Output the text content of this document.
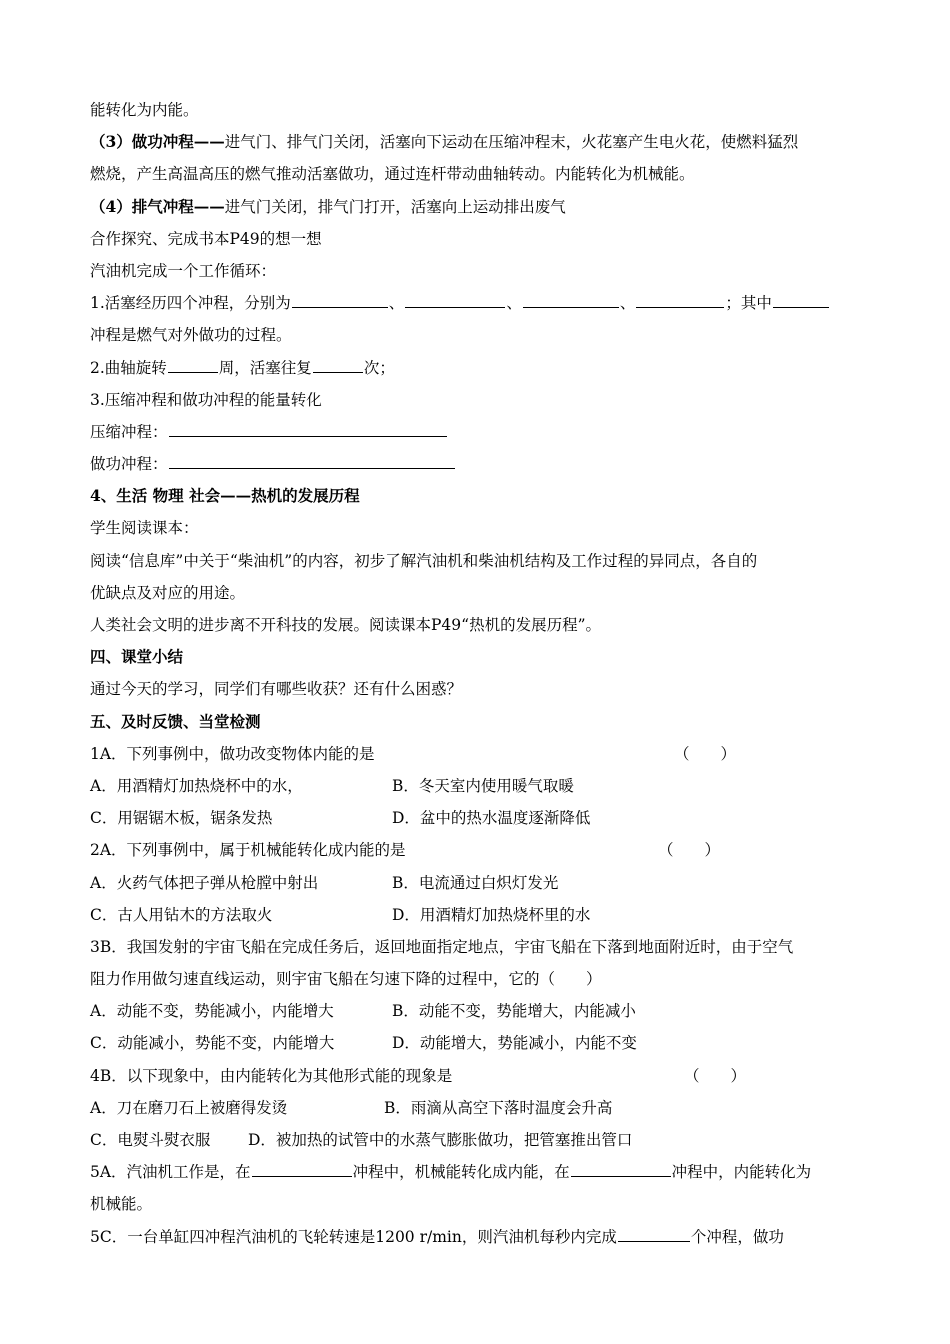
能转化为内能。
（3）做功冲程——进气门、排气门关闭，活塞向下运动在压缩冲程末，火花塞产生电火花，使燃料猛烈
燃烧，产生高温高压的燃气推动活塞做功，通过连杆带动曲轴转动。内能转化为机械能。
（4）排气冲程——进气门关闭，排气门打开，活塞向上运动排出废气
合作探究、完成书本P49的想一想
汽油机完成一个工作循环：
1.活塞经历四个冲程，分别为	、	、	、	；其中
冲程是燃气对外做功的过程。
2.曲轴旋转	周，活塞往复	次；
3.压缩冲程和做功冲程的能量转化
压缩冲程：
做功冲程：
4、生活 物理 社会——热机的发展历程
学生阅读课本：
阅读“信息库”中关于“柴油机”的内容，初步了解汽油机和柴油机结构及工作过程的异同点，各自的
优缺点及对应的用途。
人类社会文明的进步离不开科技的发展。阅读课本P49“热机的发展历程”。
四、课堂小结
通过今天的学习，同学们有哪些收获？还有什么困惑？
五、及时反馈、当堂检测
1A．下列事例中，做功改变物体内能的是	（　　）
A．用酒精灯加热烧杯中的水，	B．冬天室内使用暖气取暖
C．用锯锯木板，锯条发热	D．盆中的热水温度逐渐降低
2A．下列事例中，属于机械能转化成内能的是	（　　）
A．火药气体把子弹从枪膛中射出	B．电流通过白炽灯发光
C．古人用钻木的方法取火	D．用酒精灯加热烧杯里的水
3B．我国发射的宇宙飞船在完成任务后，返回地面指定地点，宇宙飞船在下落到地面附近时，由于空气
阻力作用做匀速直线运动，则宇宙飞船在匀速下降的过程中，它的（　　）
A．动能不变，势能减小，内能增大	B．动能不变，势能增大，内能减小
C．动能减小，势能不变，内能增大	D．动能增大，势能减小，内能不变
4B．以下现象中，由内能转化为其他形式能的现象是	（　　）
A．刀在磨刀石上被磨得发烫	B．雨滴从高空下落时温度会升高
C．电熨斗熨衣服 D．被加热的试管中的水蒸气膨胀做功，把管塞推出管口
5A．汽油机工作是，在	冲程中，机械能转化成内能，在	冲程中，内能转化为
机械能。
5C．一台单缸四冲程汽油机的飞轮转速是1200 r/min，则汽油机每秒内完成	个冲程，做功
